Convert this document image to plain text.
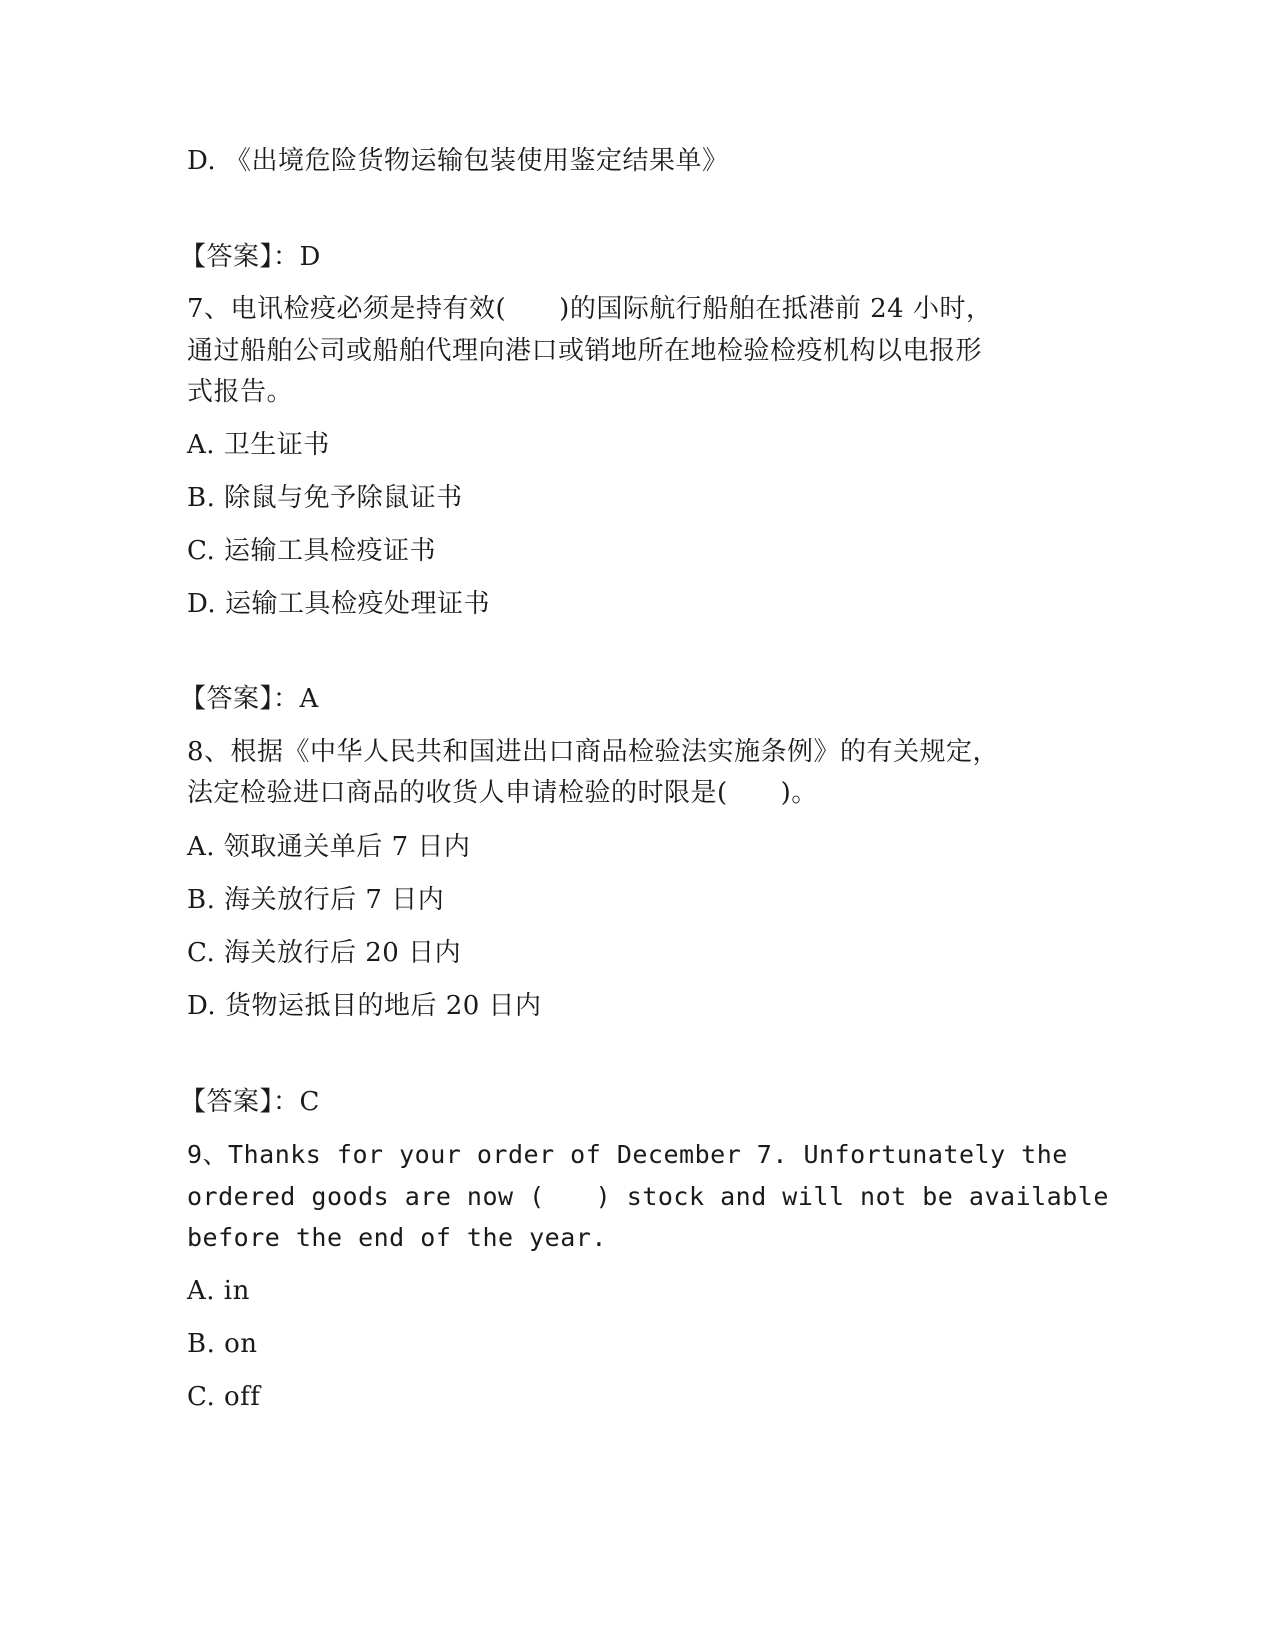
D. 《出境危险货物运输包装使用鉴定结果单》
【答案】：D
7、电讯检疫必须是持有效(　　)的国际航行船舶在抵港前 24 小时，
通过船舶公司或船舶代理向港口或销地所在地检验检疫机构以电报形
式报告。
A. 卫生证书
B. 除鼠与免予除鼠证书
C. 运输工具检疫证书
D. 运输工具检疫处理证书
【答案】：A
8、根据《中华人民共和国进出口商品检验法实施条例》的有关规定，
法定检验进口商品的收货人申请检验的时限是(　　)。
A. 领取通关单后 7 日内
B. 海关放行后 7 日内
C. 海关放行后 20 日内
D. 货物运抵目的地后 20 日内
【答案】：C
9、Thanks for your order of December 7. Unfortunately the
ordered goods are now (　　) stock and will not be available
before the end of the year.
A. in
B. on
C. off
